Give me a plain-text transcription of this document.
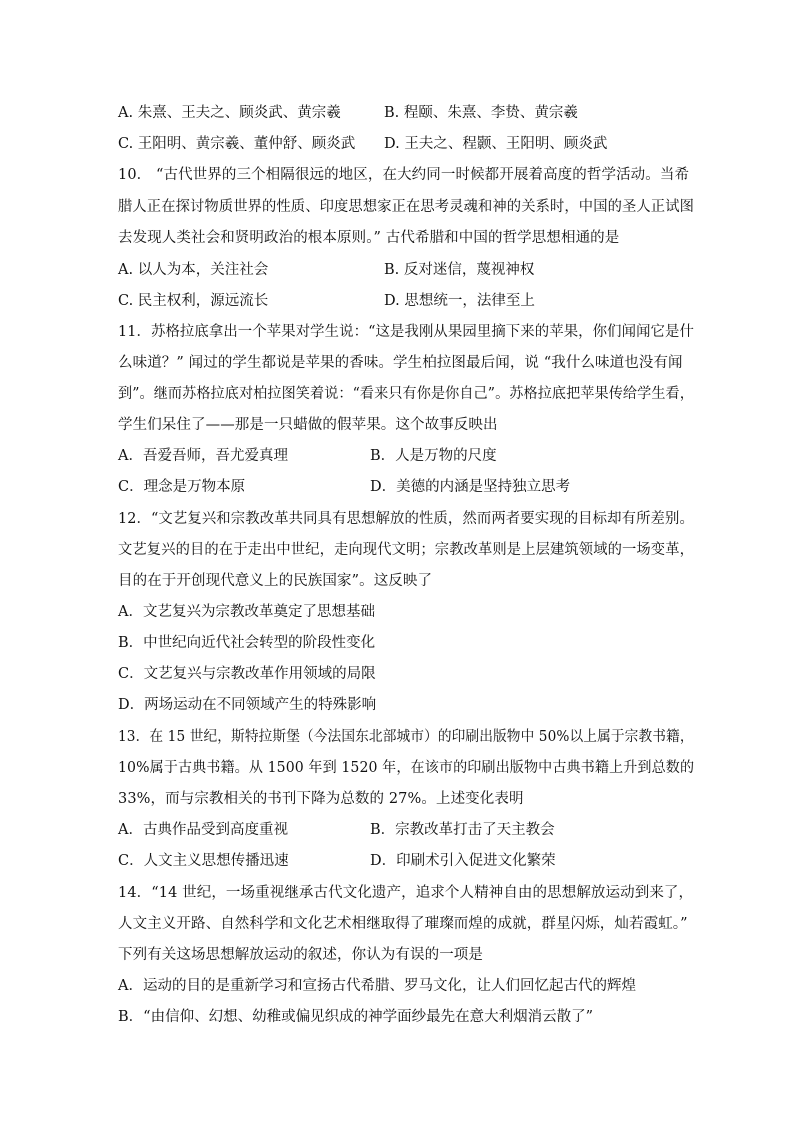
A. 朱熹、王夫之、顾炎武、黄宗羲	B. 程颐、朱熹、李贽、黄宗羲
C. 王阳明、黄宗羲、董仲舒、顾炎武 D. 王夫之、程颢、王阳明、顾炎武
10． “古代世界的三个相隔很远的地区，在大约同一时候都开展着高度的哲学活动。当希
腊人正在探讨物质世界的性质、印度思想家正在思考灵魂和神的关系时，中国的圣人正试图
去发现人类社会和贤明政治的根本原则。” 古代希腊和中国的哲学思想相通的是
A. 以人为本，关注社会	B. 反对迷信，蔑视神权
C. 民主权利，源远流长	D. 思想统一，法律至上
11．苏格拉底拿出一个苹果对学生说：“这是我刚从果园里摘下来的苹果，你们闻闻它是什
么味道？” 闻过的学生都说是苹果的香味。学生柏拉图最后闻，说 “我什么味道也没有闻
到”。继而苏格拉底对柏拉图笑着说：“看来只有你是你自己”。苏格拉底把苹果传给学生看，
学生们呆住了——那是一只蜡做的假苹果。这个故事反映出
A．吾爱吾师，吾尤爱真理	B．人是万物的尺度
C．理念是万物本原	D．美德的内涵是坚持独立思考
12．“文艺复兴和宗教改革共同具有思想解放的性质，然而两者要实现的目标却有所差别。
文艺复兴的目的在于走出中世纪，走向现代文明；宗教改革则是上层建筑领域的一场变革，
目的在于开创现代意义上的民族国家”。这反映了
A．文艺复兴为宗教改革奠定了思想基础
B．中世纪向近代社会转型的阶段性变化
C．文艺复兴与宗教改革作用领域的局限
D．两场运动在不同领域产生的特殊影响
13．在 15 世纪，斯特拉斯堡（今法国东北部城市）的印刷出版物中 50%以上属于宗教书籍，
10%属于古典书籍。从 1500 年到 1520 年，在该市的印刷出版物中古典书籍上升到总数的
33%，而与宗教相关的书刊下降为总数的 27%。上述变化表明
A．古典作品受到高度重视	B．宗教改革打击了天主教会
C．人文主义思想传播迅速	D．印刷术引入促进文化繁荣
14．“14 世纪，一场重视继承古代文化遗产，追求个人精神自由的思想解放运动到来了，
人文主义开路、自然科学和文化艺术相继取得了璀璨而煌的成就，群星闪烁，灿若霞虹。”
下列有关这场思想解放运动的叙述，你认为有误的一项是
A．运动的目的是重新学习和宣扬古代希腊、罗马文化，让人们回忆起古代的辉煌
B．“由信仰、幻想、幼稚或偏见织成的神学面纱最先在意大利烟消云散了”
